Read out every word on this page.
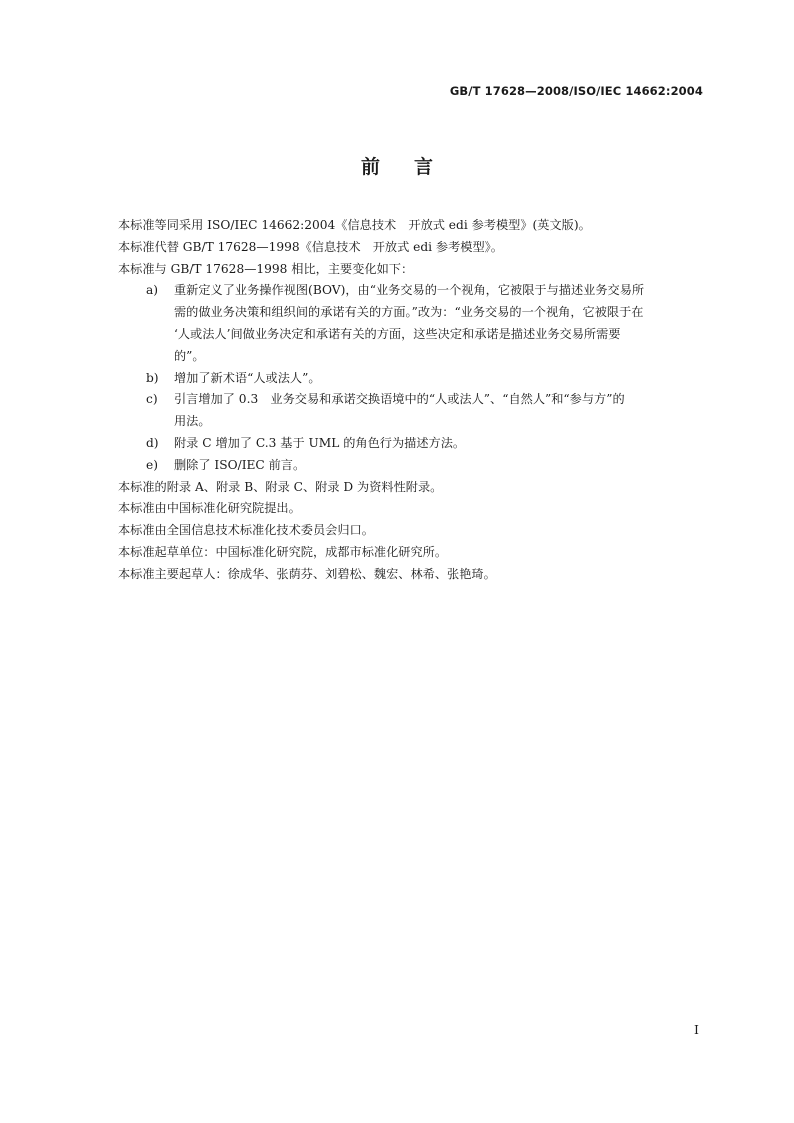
GB/T 17628—2008/ISO/IEC 14662:2004
前言

本标准等同采用 ISO/IEC 14662:2004《信息技术　开放式 edi 参考模型》(英文版)。

本标准代替 GB/T 17628—1998《信息技术　开放式 edi 参考模型》。

本标准与 GB/T 17628—1998 相比，主要变化如下：

a)	重新定义了业务操作视图(BOV)，由“业务交易的一个视角，它被限于与描述业务交易所
需的做业务决策和组织间的承诺有关的方面。”改为：“业务交易的一个视角，它被限于在
‘人或法人’间做业务决定和承诺有关的方面，这些决定和承诺是描述业务交易所需要
的”。
b)	增加了新术语“人或法人”。
c)	引言增加了 0.3　业务交易和承诺交换语境中的“人或法人”、“自然人”和“参与方”的
用法。
d)	附录 C 增加了 C.3 基于 UML 的角色行为描述方法。
e)	删除了 ISO/IEC 前言。

本标准的附录 A、附录 B、附录 C、附录 D 为资料性附录。

本标准由中国标准化研究院提出。

本标准由全国信息技术标准化技术委员会归口。

本标准起草单位：中国标准化研究院，成都市标准化研究所。

本标准主要起草人：徐成华、张荫芬、刘碧松、魏宏、林希、张艳琦。

I
